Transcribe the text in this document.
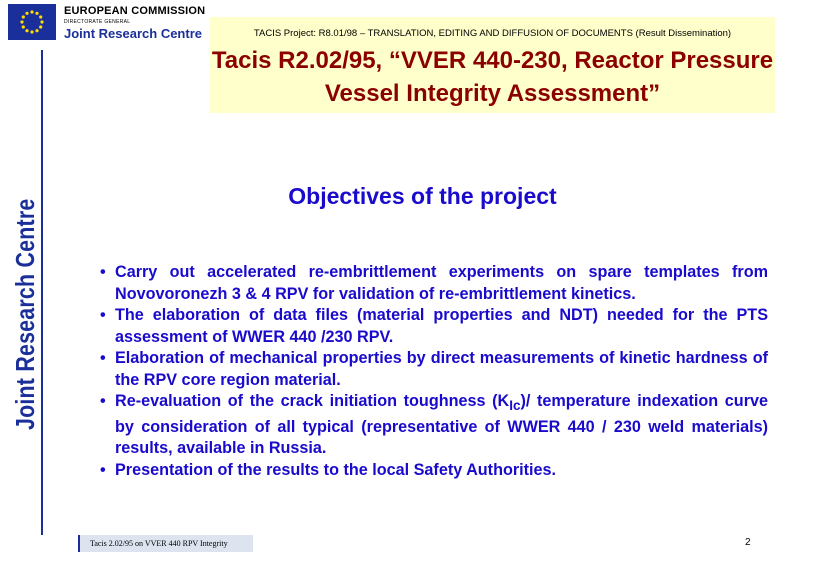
EUROPEAN COMMISSION
DIRECTORATE GENERAL
Joint Research Centre
Joint Research Centre
TACIS Project: R8.01/98 – TRANSLATION, EDITING AND DIFFUSION OF DOCUMENTS (Result Dissemination)
Tacis R2.02/95, “VVER 440-230, Reactor Pressure Vessel Integrity Assessment”
Objectives of the project
• Carry out accelerated re-embrittlement experiments on spare templates from Novovoronezh 3 & 4 RPV for validation of re-embrittlement kinetics.
• The elaboration of data files (material properties and NDT) needed for the PTS assessment of WWER 440 /230 RPV.
• Elaboration of mechanical properties by direct measurements of kinetic hardness of the RPV core region material.
• Re-evaluation of the crack initiation toughness $(K_{Ic})/$ temperature indexation curve by consideration of all typical (representative of WWER 440 / 230 weld materials) results, available in Russia.
• Presentation of the results to the local Safety Authorities.
Tacis 2.02/95 on VVER 440 RPV Integrity	2
